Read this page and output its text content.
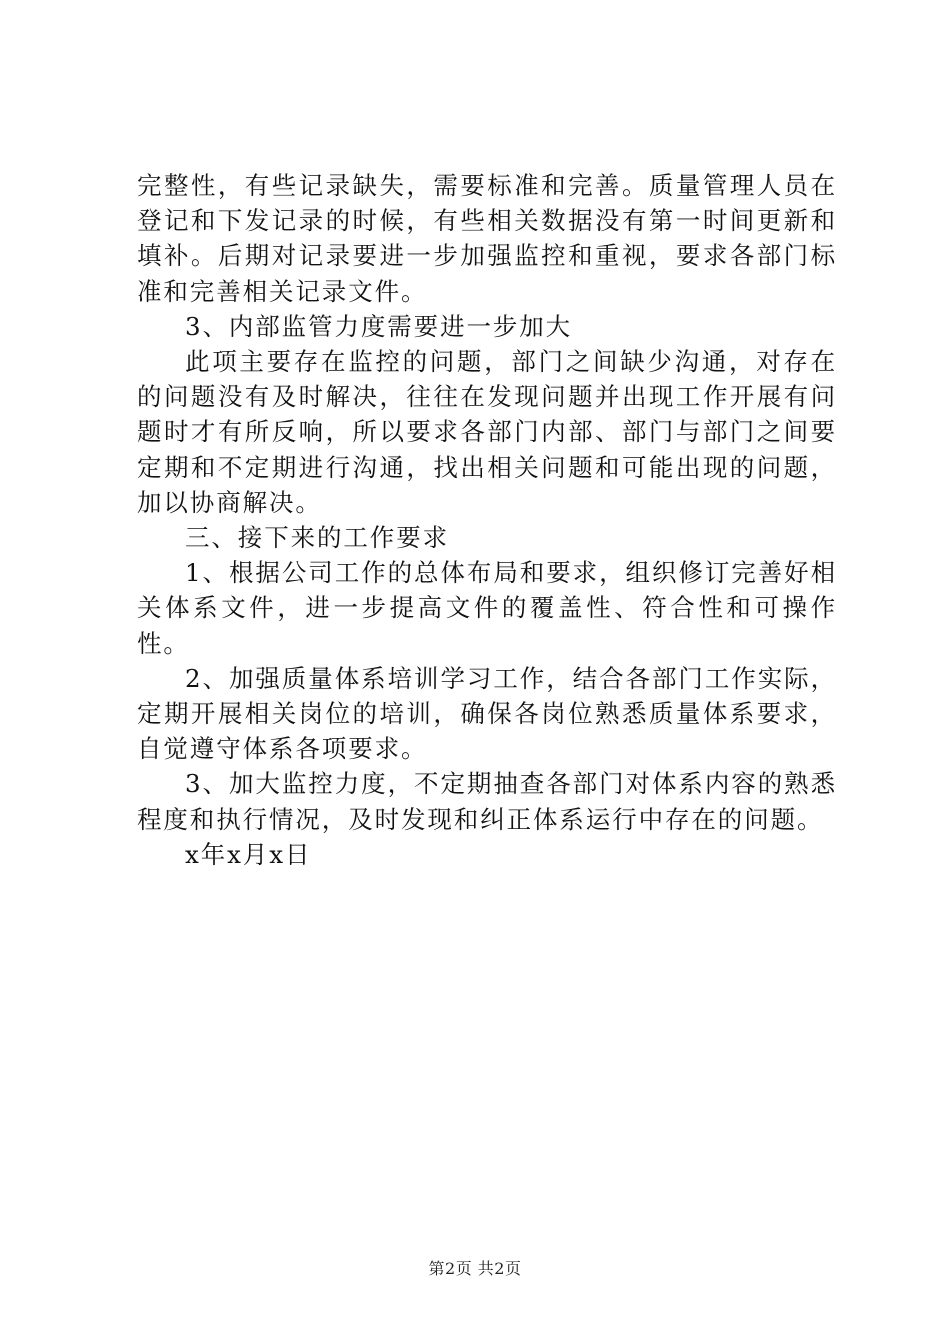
完整性，有些记录缺失，需要标准和完善。质量管理人员在登记和下发记录的时候，有些相关数据没有第一时间更新和填补。后期对记录要进一步加强监控和重视，要求各部门标准和完善相关记录文件。

3、内部监管力度需要进一步加大

此项主要存在监控的问题，部门之间缺少沟通，对存在的问题没有及时解决，往往在发现问题并出现工作开展有问题时才有所反响，所以要求各部门内部、部门与部门之间要定期和不定期进行沟通，找出相关问题和可能出现的问题，加以协商解决。

三、接下来的工作要求

1、根据公司工作的总体布局和要求，组织修订完善好相关体系文件，进一步提高文件的覆盖性、符合性和可操作性。

2、加强质量体系培训学习工作，结合各部门工作实际，定期开展相关岗位的培训，确保各岗位熟悉质量体系要求，自觉遵守体系各项要求。

3、加大监控力度，不定期抽查各部门对体系内容的熟悉程度和执行情况，及时发现和纠正体系运行中存在的问题。

x年x月x日

第2页 共2页
